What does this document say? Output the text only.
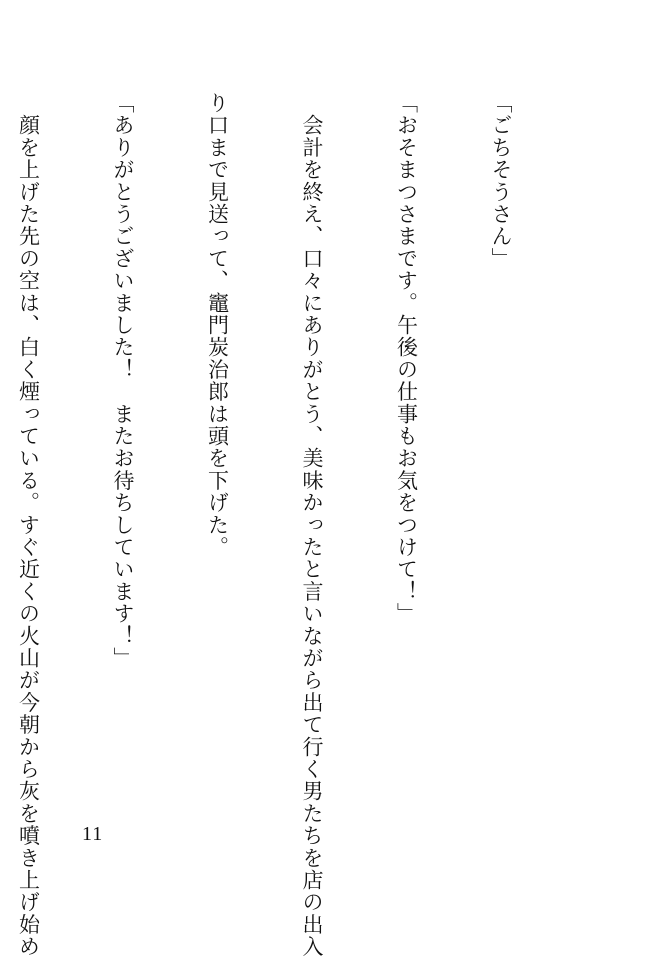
「ごちそうさん」

「おそまつさまです。午後の仕事もお気をつけて！」

　会計を終え、口々にありがとう、美味かったと言いながら出て行く男たちを店の出入

り口まで見送って、竈門炭治郎は頭を下げた。

「ありがとうございました！　またお待ちしています！」

　顔を上げた先の空は、白く煙っている。すぐ近くの火山が今朝から灰を噴き上げ始め

11
